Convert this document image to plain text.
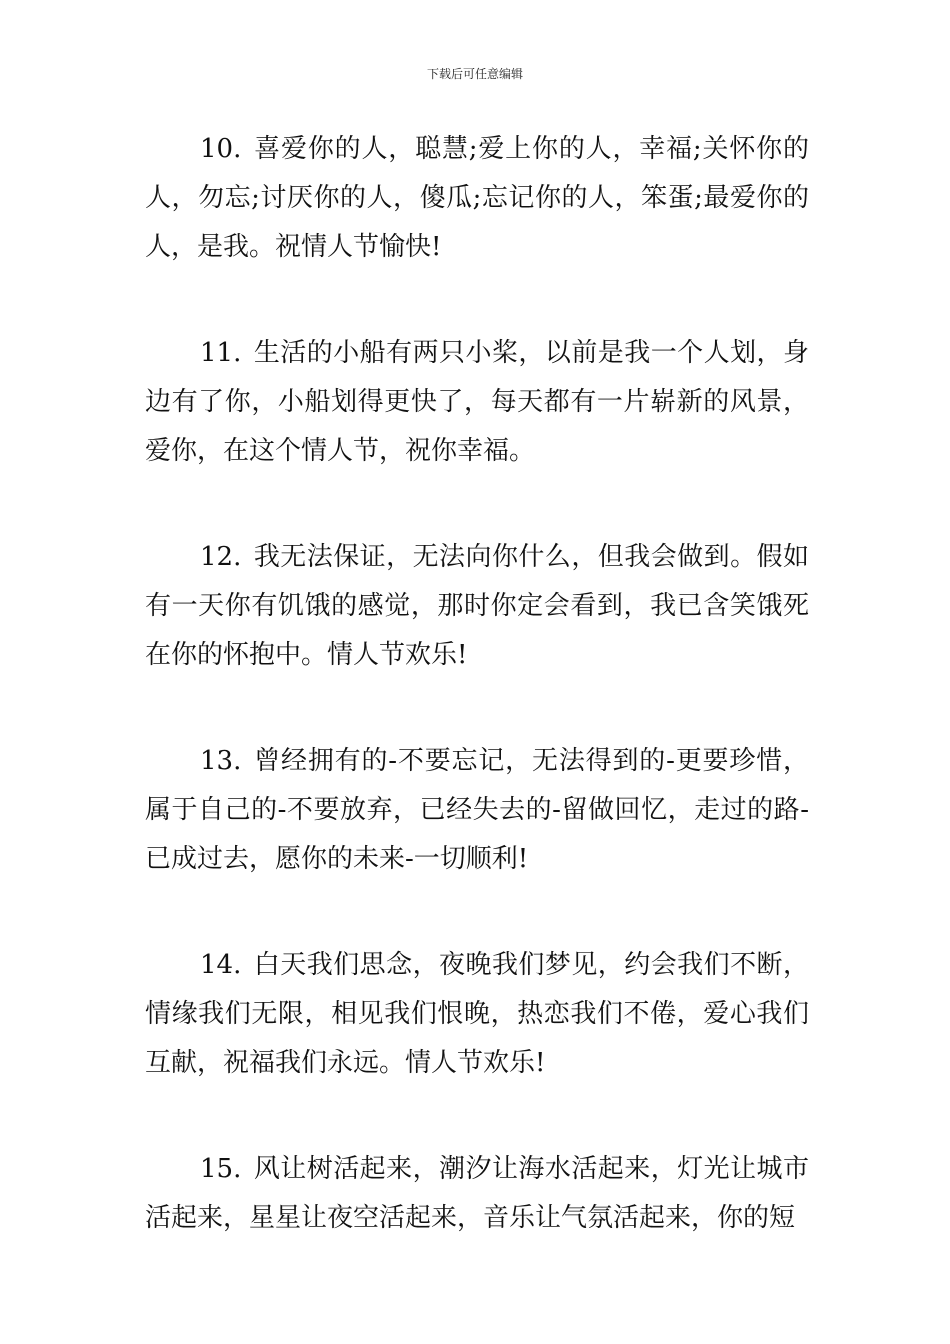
下载后可任意编辑

10. 喜爱你的人，聪慧;爱上你的人，幸福;关怀你的人，勿忘;讨厌你的人，傻瓜;忘记你的人，笨蛋;最爱你的人，是我。祝情人节愉快!

11. 生活的小船有两只小桨，以前是我一个人划，身边有了你，小船划得更快了，每天都有一片崭新的风景，爱你，在这个情人节，祝你幸福。

12. 我无法保证，无法向你什么，但我会做到。假如有一天你有饥饿的感觉，那时你定会看到，我已含笑饿死在你的怀抱中。情人节欢乐!

13. 曾经拥有的-不要忘记，无法得到的-更要珍惜，属于自己的-不要放弃，已经失去的-留做回忆，走过的路-已成过去，愿你的未来-一切顺利!

14. 白天我们思念，夜晚我们梦见，约会我们不断，情缘我们无限，相见我们恨晚，热恋我们不倦，爱心我们互献，祝福我们永远。情人节欢乐!

15. 风让树活起来，潮汐让海水活起来，灯光让城市活起来，星星让夜空活起来，音乐让气氛活起来，你的短
